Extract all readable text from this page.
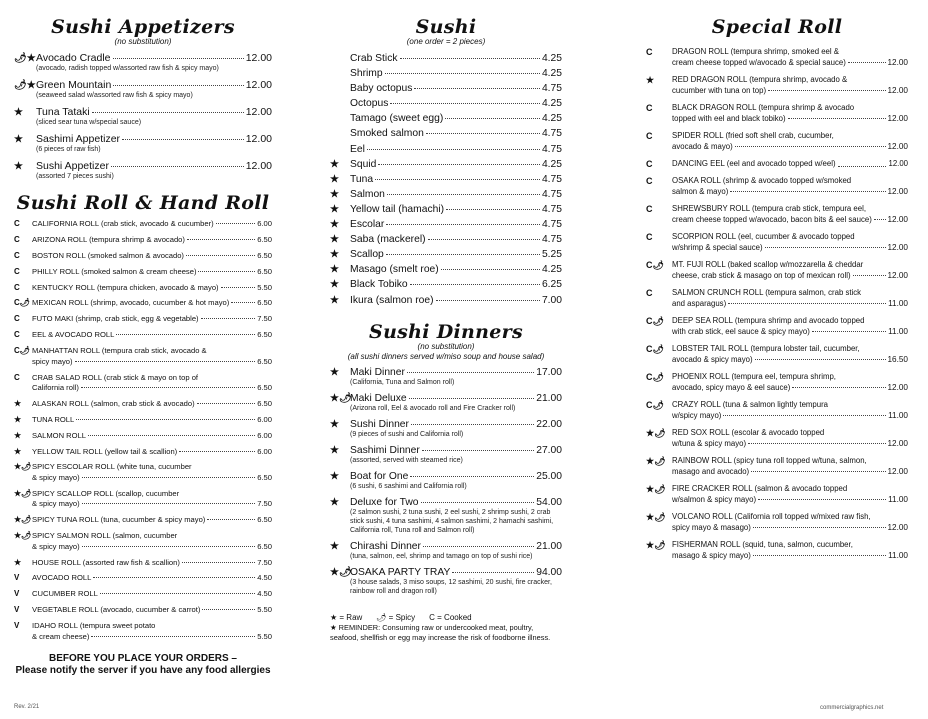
Sushi Appetizers
(no substitution)
🌶★ Avocado Cradle	12.00
(avocado, radish topped w/assorted raw fish & spicy mayo)
🌶★ Green Mountain	12.00
(seaweed salad w/assorted raw fish & spicy mayo)
★	Tuna Tataki	12.00
(sliced sear tuna w/special sauce)
★	Sashimi Appetizer	12.00
(6 pieces of raw fish)
★	Sushi Appetizer	12.00
(assorted 7 pieces sushi)
Sushi Roll & Hand Roll
C	CALIFORNIA ROLL (crab stick, avocado & cucumber)	6.00
C	ARIZONA ROLL (tempura shrimp & avocado)	6.50
C	BOSTON ROLL (smoked salmon & avocado)	6.50
C	PHILLY ROLL (smoked salmon & cream cheese)	6.50
C	KENTUCKY ROLL (tempura chicken, avocado & mayo)	5.50
C🌶 MEXICAN ROLL (shrimp, avocado, cucumber & hot mayo)	6.50
C	FUTO MAKI (shrimp, crab stick, egg & vegetable)	7.50
C	EEL & AVOCADO ROLL	6.50
C🌶 MANHATTAN ROLL (tempura crab stick, avocado &
spicy mayo)	6.50
C	CRAB SALAD ROLL (crab stick & mayo on top of
California roll)	6.50
★	ALASKAN ROLL (salmon, crab stick & avocado)	6.50
★	TUNA ROLL	6.00
★	SALMON ROLL	6.00
★	YELLOW TAIL ROLL (yellow tail & scallion)	6.00
★🌶 SPICY ESCOLAR ROLL (white tuna, cucumber
& spicy mayo)	6.50
★🌶 SPICY SCALLOP ROLL (scallop, cucumber
& spicy mayo)	7.50
★🌶 SPICY TUNA ROLL (tuna, cucumber & spicy mayo)	6.50
★🌶 SPICY SALMON ROLL (salmon, cucumber
& spicy mayo)	6.50
★	HOUSE ROLL (assorted raw fish & scallion)	7.50
V	AVOCADO ROLL	4.50
V	CUCUMBER ROLL	4.50
V	VEGETABLE ROLL (avocado, cucumber & carrot)	5.50
V	IDAHO ROLL (tempura sweet potato
& cream cheese)	5.50
BEFORE YOU PLACE YOUR ORDERS –
Please notify the server if you have any food allergies
Rev. 2/21
Sushi
(one order = 2 pieces)
Crab Stick	4.25
Shrimp	4.25
Baby octopus	4.75
Octopus	4.25
Tamago (sweet egg)	4.25
Smoked salmon	4.75
Eel	4.75
★	Squid	4.25
★	Tuna	4.75
★	Salmon	4.75
★	Yellow tail (hamachi)	4.75
★	Escolar	4.75
★	Saba (mackerel)	4.75
★	Scallop	5.25
★	Masago (smelt roe)	4.25
★	Black Tobiko	6.25
★	Ikura (salmon roe)	7.00
Sushi Dinners
(no substitution)
(all sushi dinners served w/miso soup and house salad)
★	Maki Dinner	17.00
(California, Tuna and Salmon roll)
★🌶
Maki Deluxe	21.00
(Arizona roll, Eel & avocado roll and Fire Cracker roll)
★	Sushi Dinner	22.00
(9 pieces of sushi and California roll)
★	Sashimi Dinner	27.00
(assorted, served with steamed rice)
★	Boat for One	25.00
(6 sushi, 6 sashimi and California roll)
★	Deluxe for Two	54.00
(2 salmon sushi, 2 tuna sushi, 2 eel sushi, 2 shrimp sushi, 2 crab stick sushi, 4 tuna sashimi, 4 salmon sashimi, 2 hamachi sashimi, California roll, Tuna roll and Salmon roll)
★	Chirashi Dinner	21.00
(tuna, salmon, eel, shrimp and tamago on top of sushi rice)
★🌶
OSAKA PARTY TRAY	94.00
(3 house salads, 3 miso soups, 12 sashimi, 20 sushi, fire cracker, rainbow roll and dragon roll)
★ = Raw 🌶 = Spicy C = Cooked
★ REMINDER: Consuming raw or undercooked meat, poultry, seafood, shellfish or egg may increase the risk of foodborne illness.
Special Roll
C	DRAGON ROLL (tempura shrimp, smoked eel &
cream cheese topped w/avocado & special sauce)	12.00
★	RED DRAGON ROLL (tempura shrimp, avocado &
cucumber with tuna on top)	12.00
C	BLACK DRAGON ROLL (tempura shrimp & avocado
topped with eel and black tobiko)	12.00
C	SPIDER ROLL (fried soft shell crab, cucumber,
avocado & mayo)	12.00
C	DANCING EEL (eel and avocado topped w/eel)	12.00
C	OSAKA ROLL (shrimp & avocado topped w/smoked
salmon & mayo)	12.00
C	SHREWSBURY ROLL (tempura crab stick, tempura eel,
cream cheese topped w/avocado, bacon bits & eel sauce) 12.00
C	SCORPION ROLL (eel, cucumber & avocado topped
w/shrimp & special sauce)	12.00
C🌶	MT. FUJI ROLL (baked scallop w/mozzarella & cheddar
cheese, crab stick & masago on top of mexican roll)	12.00
C	SALMON CRUNCH ROLL (tempura salmon, crab stick
and asparagus)	11.00
C🌶	DEEP SEA ROLL (tempura shrimp and avocado topped
with crab stick, eel sauce & spicy mayo)	11.00
C🌶	LOBSTER TAIL ROLL (tempura lobster tail, cucumber,
avocado & spicy mayo)	16.50
C🌶	PHOENIX ROLL (tempura eel, tempura shrimp,
avocado, spicy mayo & eel sauce)	12.00
C🌶	CRAZY ROLL (tuna & salmon lightly tempura
w/spicy mayo)	11.00
★🌶 RED SOX ROLL (escolar & avocado topped
w/tuna & spicy mayo)	12.00
★🌶 RAINBOW ROLL (spicy tuna roll topped w/tuna, salmon,
masago and avocado)	12.00
★🌶 FIRE CRACKER ROLL (salmon & avocado topped
w/salmon & spicy mayo)	11.00
★🌶 VOLCANO ROLL (California roll topped w/mixed raw fish,
spicy mayo & masago)	12.00
★🌶 FISHERMAN ROLL (squid, tuna, salmon, cucumber,
masago & spicy mayo)	11.00
commercialgraphics.net
